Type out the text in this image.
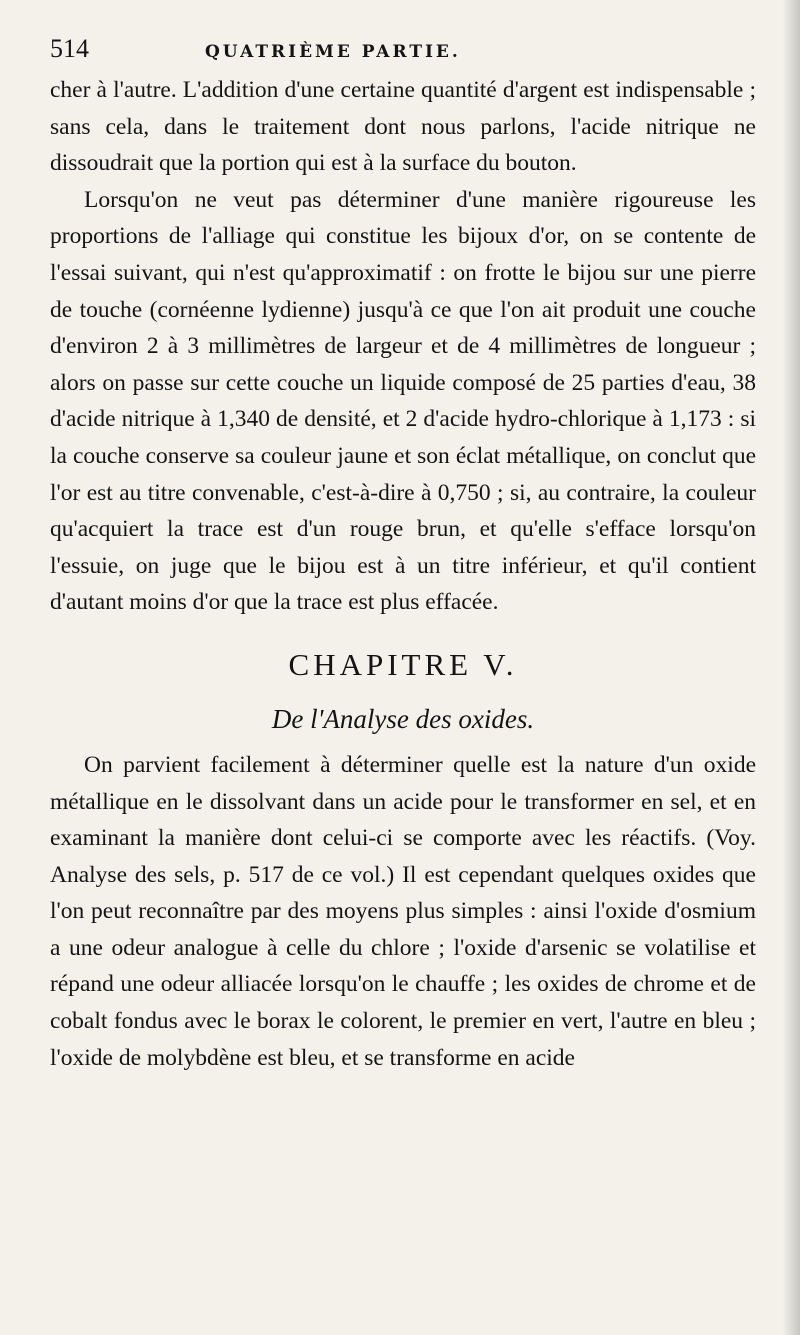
514	QUATRIÈME PARTIE.

cher à l'autre. L'addition d'une certaine quantité d'argent est indispensable ; sans cela, dans le traitement dont nous parlons, l'acide nitrique ne dissoudrait que la portion qui est à la surface du bouton.

Lorsqu'on ne veut pas déterminer d'une manière rigoureuse les proportions de l'alliage qui constitue les bijoux d'or, on se contente de l'essai suivant, qui n'est qu'approximatif : on frotte le bijou sur une pierre de touche (cornéenne lydienne) jusqu'à ce que l'on ait produit une couche d'environ 2 à 3 millimètres de largeur et de 4 millimètres de longueur ; alors on passe sur cette couche un liquide composé de 25 parties d'eau, 38 d'acide nitrique à 1,340 de densité, et 2 d'acide hydro-chlorique à 1,173 : si la couche conserve sa couleur jaune et son éclat métallique, on conclut que l'or est au titre convenable, c'est-à-dire à 0,750 ; si, au contraire, la couleur qu'acquiert la trace est d'un rouge brun, et qu'elle s'efface lorsqu'on l'essuie, on juge que le bijou est à un titre inférieur, et qu'il contient d'autant moins d'or que la trace est plus effacée.

CHAPITRE V.
De l'Analyse des oxides.

On parvient facilement à déterminer quelle est la nature d'un oxide métallique en le dissolvant dans un acide pour le transformer en sel, et en examinant la manière dont celui-ci se comporte avec les réactifs. (Voy. Analyse des sels, p. 517 de ce vol.) Il est cependant quelques oxides que l'on peut reconnaître par des moyens plus simples : ainsi l'oxide d'osmium a une odeur analogue à celle du chlore ; l'oxide d'arsenic se volatilise et répand une odeur alliacée lorsqu'on le chauffe ; les oxides de chrome et de cobalt fondus avec le borax le colorent, le premier en vert, l'autre en bleu ; l'oxide de molybdène est bleu, et se transforme en acide
